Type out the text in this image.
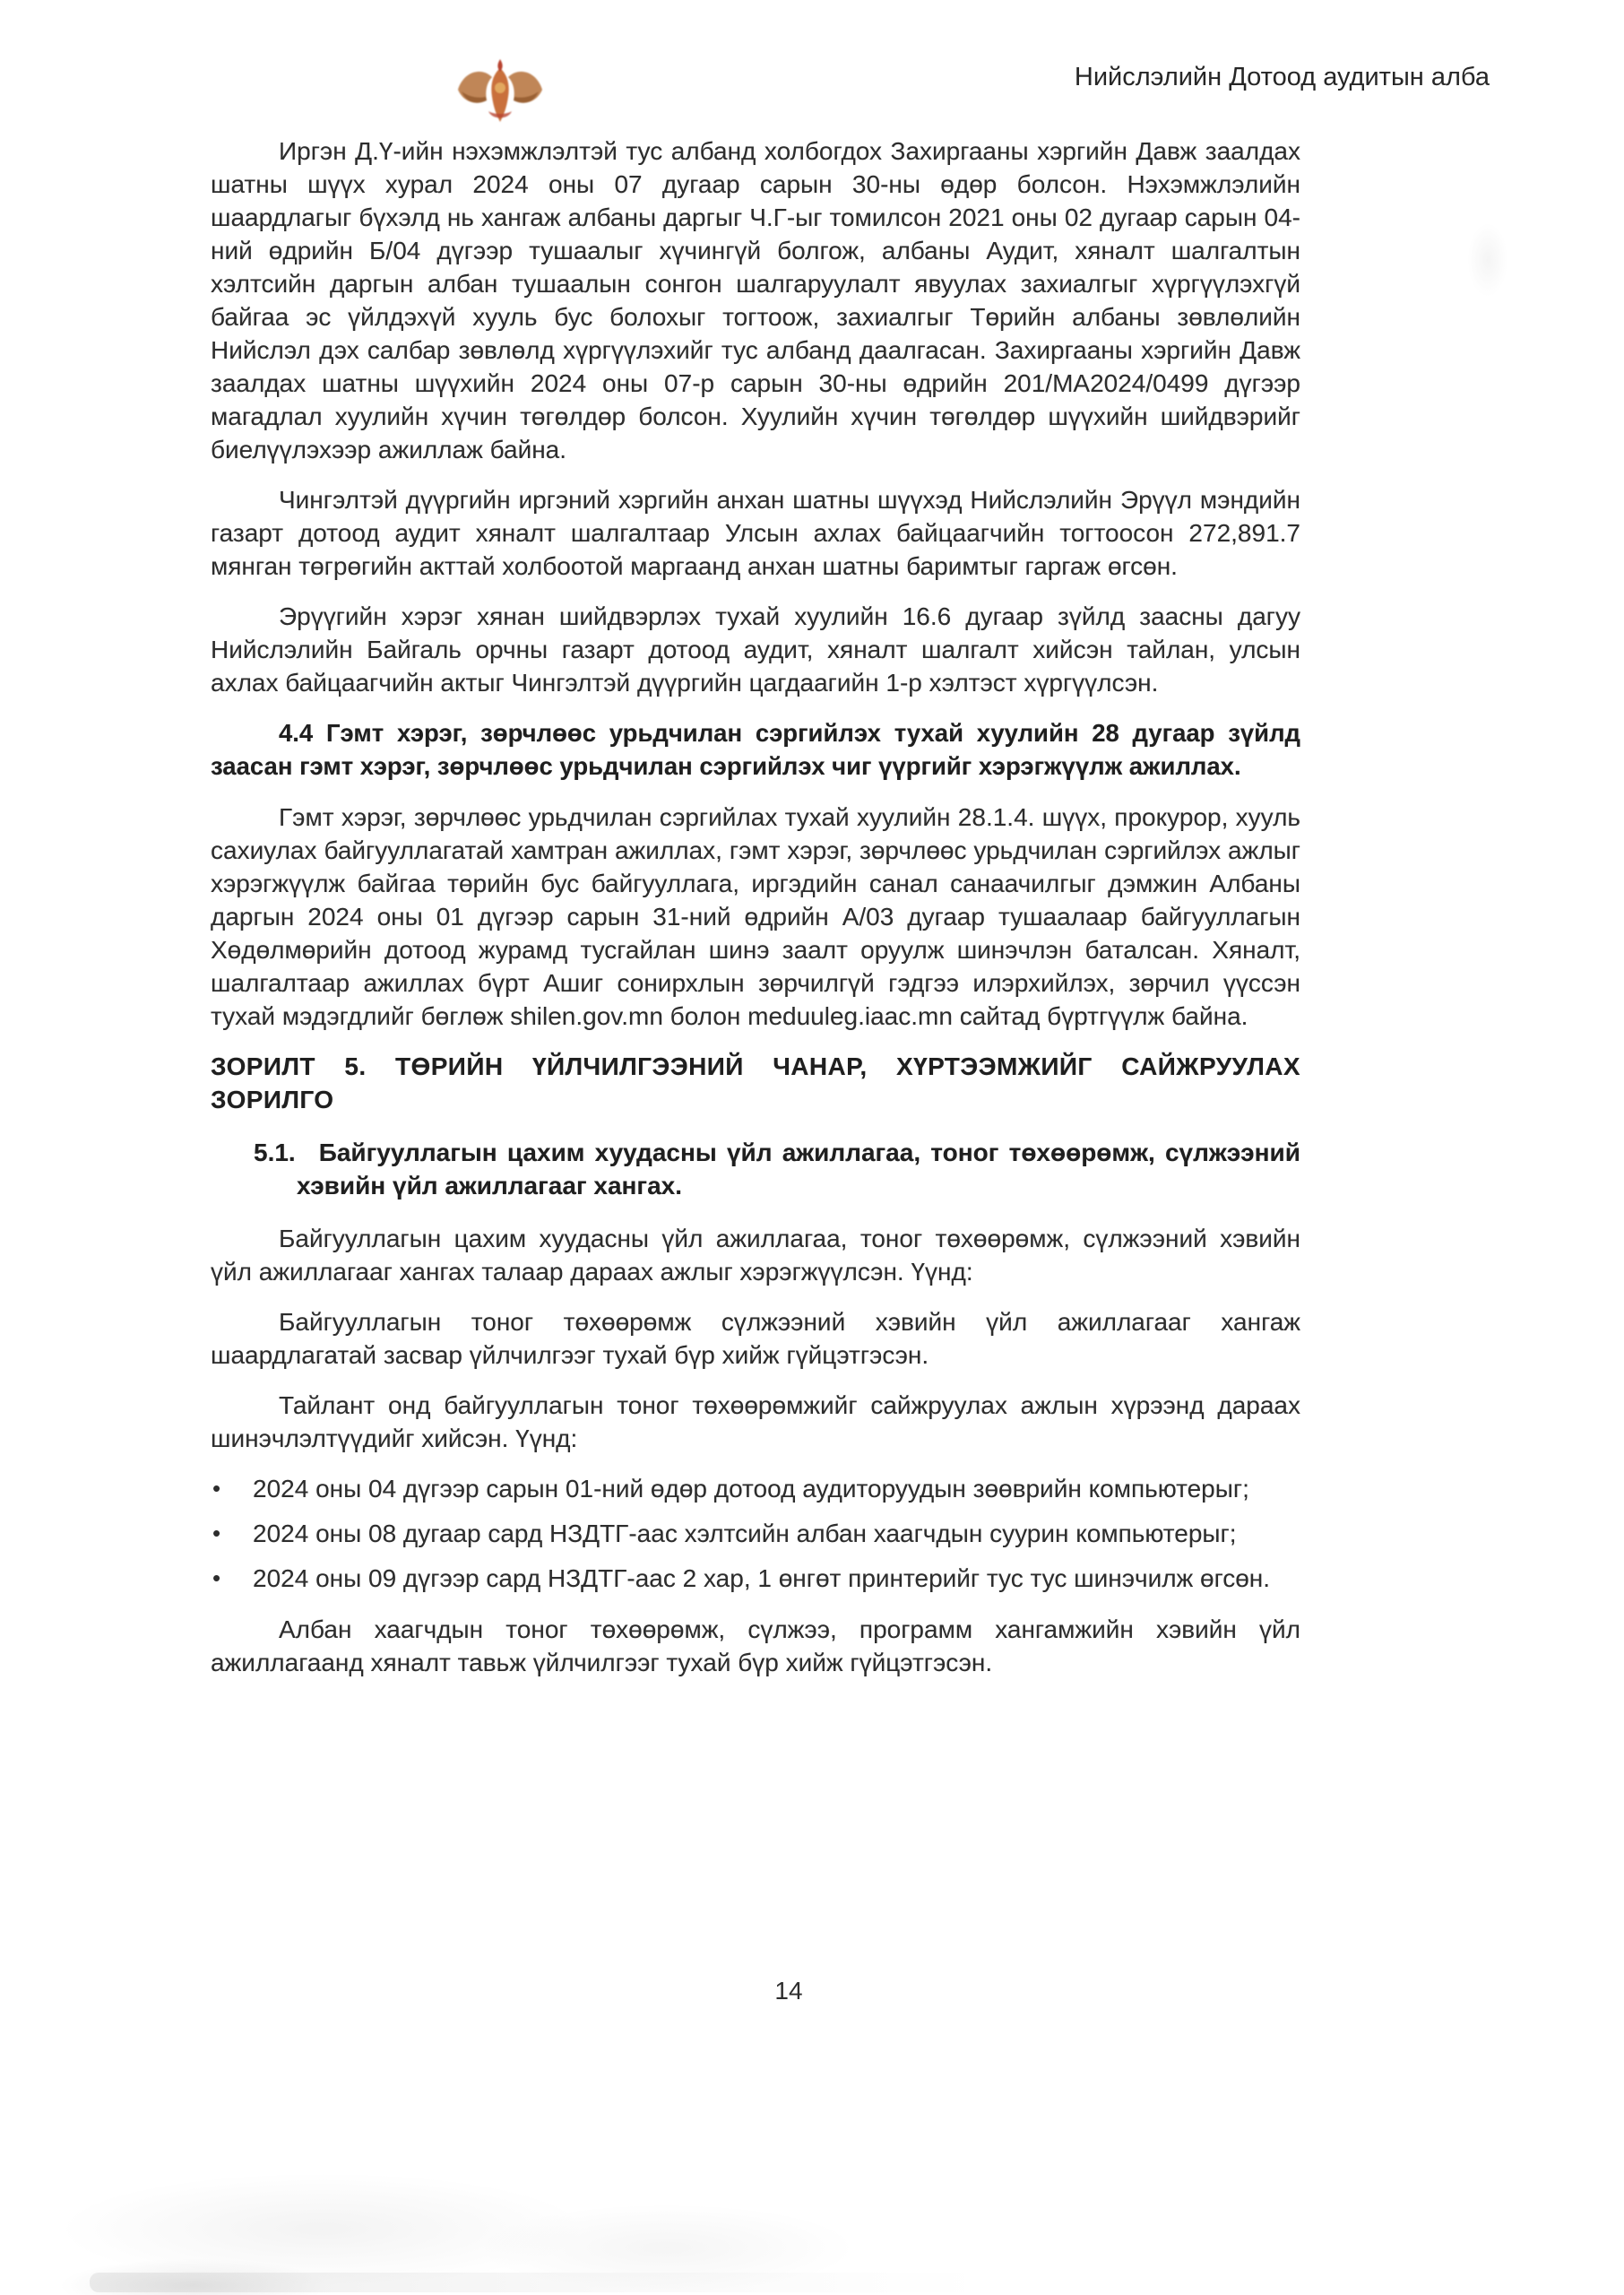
Нийслэлийн Дотоод аудитын алба

Иргэн Д.Ү-ийн нэхэмжлэлтэй тус албанд холбогдох Захиргааны хэргийн Давж заалдах шатны шүүх хурал 2024 оны 07 дугаар сарын 30-ны өдөр болсон. Нэхэмжлэлийн шаардлагыг бүхэлд нь хангаж албаны даргыг Ч.Г-ыг томилсон 2021 оны 02 дугаар сарын 04-ний өдрийн Б/04 дүгээр тушаалыг хүчингүй болгож, албаны Аудит, хяналт шалгалтын хэлтсийн даргын албан тушаалын сонгон шалгаруулалт явуулах захиалгыг хүргүүлэхгүй байгаа эс үйлдэхүй хууль бус болохыг тогтоож, захиалгыг Төрийн албаны зөвлөлийн Нийслэл дэх салбар зөвлөлд хүргүүлэхийг тус албанд даалгасан. Захиргааны хэргийн Давж заалдах шатны шүүхийн 2024 оны 07-р сарын 30-ны өдрийн 201/МА2024/0499 дүгээр магадлал хуулийн хүчин төгөлдөр болсон. Хуулийн хүчин төгөлдөр шүүхийн шийдвэрийг биелүүлэхээр ажиллаж байна.

Чингэлтэй дүүргийн иргэний хэргийн анхан шатны шүүхэд Нийслэлийн Эрүүл мэндийн газарт дотоод аудит хяналт шалгалтаар Улсын ахлах байцаагчийн тогтоосон 272,891.7 мянган төгрөгийн акттай холбоотой маргаанд анхан шатны баримтыг гаргаж өгсөн.

Эрүүгийн хэрэг хянан шийдвэрлэх тухай хуулийн 16.6 дугаар зүйлд заасны дагуу Нийслэлийн Байгаль орчны газарт дотоод аудит, хяналт шалгалт хийсэн тайлан, улсын ахлах байцаагчийн актыг Чингэлтэй дүүргийн цагдаагийн 1-р хэлтэст хүргүүлсэн.

4.4 Гэмт хэрэг, зөрчлөөс урьдчилан сэргийлэх тухай хуулийн 28 дугаар зүйлд заасан гэмт хэрэг, зөрчлөөс урьдчилан сэргийлэх чиг үүргийг хэрэгжүүлж ажиллах.

Гэмт хэрэг, зөрчлөөс урьдчилан сэргийлах тухай хуулийн 28.1.4. шүүх, прокурор, хууль сахиулах байгууллагатай хамтран ажиллах, гэмт хэрэг, зөрчлөөс урьдчилан сэргийлэх ажлыг хэрэгжүүлж байгаа төрийн бус байгууллага, иргэдийн санал санаачилгыг дэмжин Албаны даргын 2024 оны 01 дүгээр сарын 31-ний өдрийн А/03 дугаар тушаалаар байгууллагын Хөдөлмөрийн дотоод журамд тусгайлан шинэ заалт оруулж шинэчлэн баталсан. Хяналт, шалгалтаар ажиллах бүрт Ашиг сонирхлын зөрчилгүй гэдгээ илэрхийлэх, зөрчил үүссэн тухай мэдэгдлийг бөглөж shilen.gov.mn болон meduuleg.iaac.mn сайтад бүртгүүлж байна.

ЗОРИЛТ 5. ТӨРИЙН ҮЙЛЧИЛГЭЭНИЙ ЧАНАР, ХҮРТЭЭМЖИЙГ САЙЖРУУЛАХ ЗОРИЛГО

5.1. Байгууллагын цахим хуудасны үйл ажиллагаа, тоног төхөөрөмж, сүлжээний хэвийн үйл ажиллагааг хангах.

Байгууллагын цахим хуудасны үйл ажиллагаа, тоног төхөөрөмж, сүлжээний хэвийн үйл ажиллагааг хангах талаар дараах ажлыг хэрэгжүүлсэн. Үүнд:

Байгууллагын тоног төхөөрөмж сүлжээний хэвийн үйл ажиллагааг хангаж шаардлагатай засвар үйлчилгээг тухай бүр хийж гүйцэтгэсэн.

Тайлант онд байгууллагын тоног төхөөрөмжийг сайжруулах ажлын хүрээнд дараах шинэчлэлтүүдийг хийсэн. Үүнд:

• 2024 оны 04 дүгээр сарын 01-ний өдөр дотоод аудиторуудын зөөврийн компьютерыг;
• 2024 оны 08 дугаар сард НЗДТГ-аас хэлтсийн албан хаагчдын суурин компьютерыг;
• 2024 оны 09 дүгээр сард НЗДТГ-аас 2 хар, 1 өнгөт принтерийг тус тус шинэчилж өгсөн.

Албан хаагчдын тоног төхөөрөмж, сүлжээ, программ хангамжийн хэвийн үйл ажиллагаанд хяналт тавьж үйлчилгээг тухай бүр хийж гүйцэтгэсэн.

14
